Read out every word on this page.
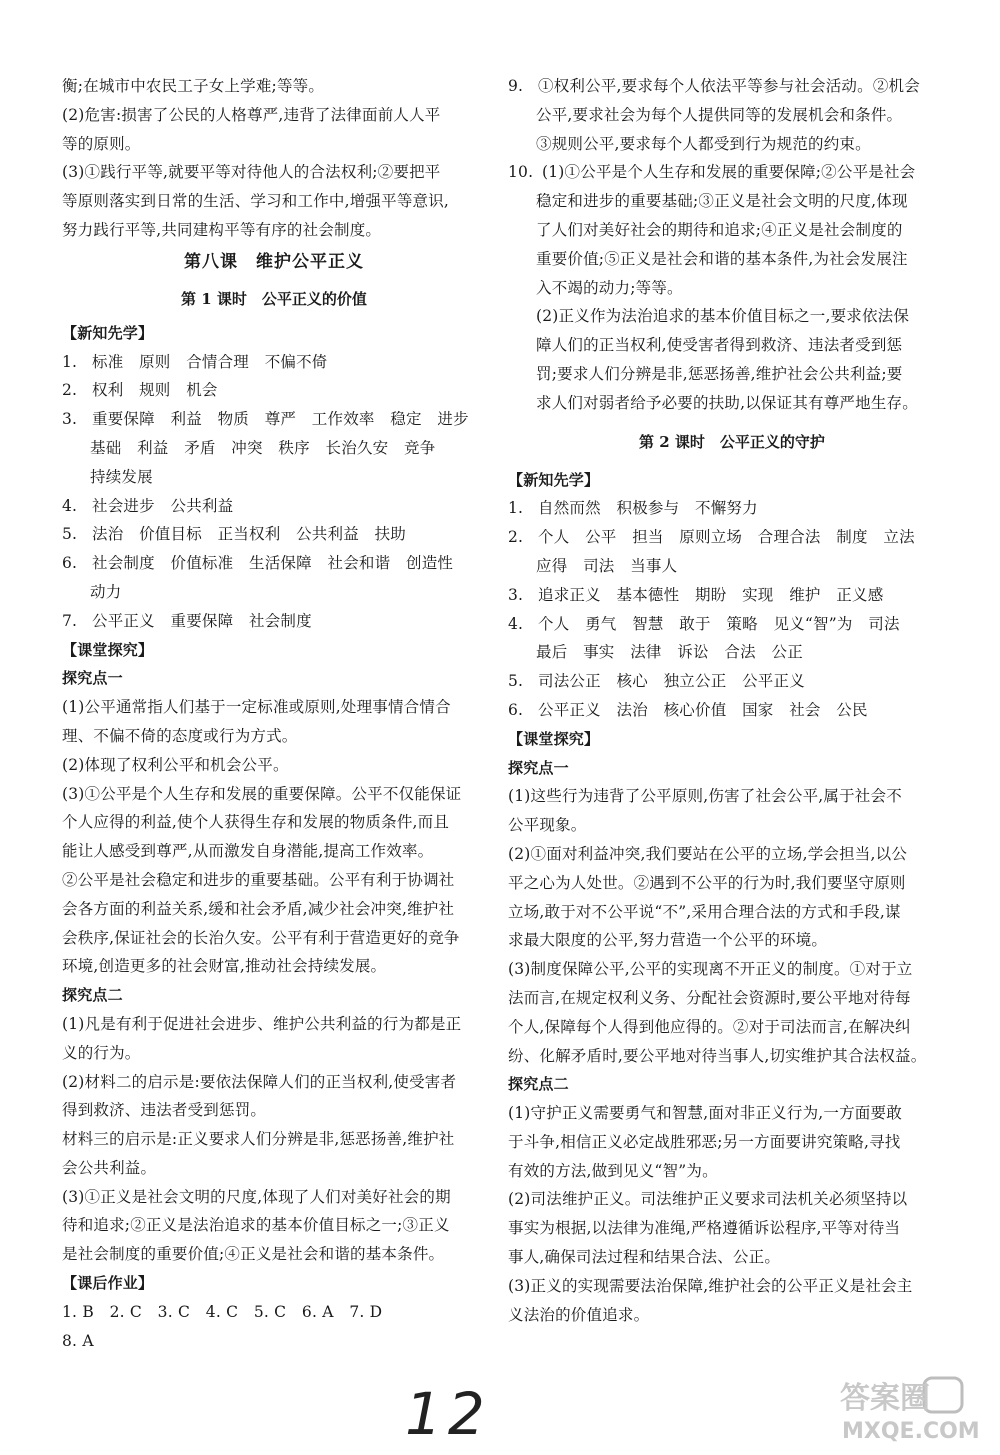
衡;在城市中农民工子女上学难;等等。
(2)危害:损害了公民的人格尊严,违背了法律面前人人平
等的原则。
(3)①践行平等,就要平等对待他人的合法权利;②要把平
等原则落实到日常的生活、学习和工作中,增强平等意识,
努力践行平等,共同建构平等有序的社会制度。
第八课　维护公平正义
第 1 课时　公平正义的价值
【新知先学】
1. 标准　原则　合情合理　不偏不倚
2. 权利　规则　机会
3. 重要保障　利益　物质　尊严　工作效率　稳定　进步
基础　利益　矛盾　冲突　秩序　长治久安　竞争
持续发展
4. 社会进步　公共利益
5. 法治　价值目标　正当权利　公共利益　扶助
6. 社会制度　价值标准　生活保障　社会和谐　创造性
动力
7. 公平正义　重要保障　社会制度
【课堂探究】
探究点一
(1)公平通常指人们基于一定标准或原则,处理事情合情合
理、不偏不倚的态度或行为方式。
(2)体现了权利公平和机会公平。
(3)①公平是个人生存和发展的重要保障。公平不仅能保证
个人应得的利益,使个人获得生存和发展的物质条件,而且
能让人感受到尊严,从而激发自身潜能,提高工作效率。
②公平是社会稳定和进步的重要基础。公平有利于协调社
会各方面的利益关系,缓和社会矛盾,减少社会冲突,维护社
会秩序,保证社会的长治久安。公平有利于营造更好的竞争
环境,创造更多的社会财富,推动社会持续发展。
探究点二
(1)凡是有利于促进社会进步、维护公共利益的行为都是正
义的行为。
(2)材料二的启示是:要依法保障人们的正当权利,使受害者
得到救济、违法者受到惩罚。
材料三的启示是:正义要求人们分辨是非,惩恶扬善,维护社
会公共利益。
(3)①正义是社会文明的尺度,体现了人们对美好社会的期
待和追求;②正义是法治追求的基本价值目标之一;③正义
是社会制度的重要价值;④正义是社会和谐的基本条件。
【课后作业】
1. B　2. C　3. C　4. C　5. C　6. A　7. D
8. A
9. ①权利公平,要求每个人依法平等参与社会活动。②机会
公平,要求社会为每个人提供同等的发展机会和条件。
③规则公平,要求每个人都受到行为规范的约束。
10. (1)①公平是个人生存和发展的重要保障;②公平是社会
稳定和进步的重要基础;③正义是社会文明的尺度,体现
了人们对美好社会的期待和追求;④正义是社会制度的
重要价值;⑤正义是社会和谐的基本条件,为社会发展注
入不竭的动力;等等。
(2)正义作为法治追求的基本价值目标之一,要求依法保
障人们的正当权利,使受害者得到救济、违法者受到惩
罚;要求人们分辨是非,惩恶扬善,维护社会公共利益;要
求人们对弱者给予必要的扶助,以保证其有尊严地生存。
第 2 课时　公平正义的守护
【新知先学】
1. 自然而然　积极参与　不懈努力
2. 个人　公平　担当　原则立场　合理合法　制度　立法
应得　司法　当事人
3. 追求正义　基本德性　期盼　实现　维护　正义感
4. 个人　勇气　智慧　敢于　策略　见义“智”为　司法
最后　事实　法律　诉讼　合法　公正
5. 司法公正　核心　独立公正　公平正义
6. 公平正义　法治　核心价值　国家　社会　公民
【课堂探究】
探究点一
(1)这些行为违背了公平原则,伤害了社会公平,属于社会不
公平现象。
(2)①面对利益冲突,我们要站在公平的立场,学会担当,以公
平之心为人处世。②遇到不公平的行为时,我们要坚守原则
立场,敢于对不公平说“不”,采用合理合法的方式和手段,谋
求最大限度的公平,努力营造一个公平的环境。
(3)制度保障公平,公平的实现离不开正义的制度。①对于立
法而言,在规定权利义务、分配社会资源时,要公平地对待每
个人,保障每个人得到他应得的。②对于司法而言,在解决纠
纷、化解矛盾时,要公平地对待当事人,切实维护其合法权益。
探究点二
(1)守护正义需要勇气和智慧,面对非正义行为,一方面要敢
于斗争,相信正义必定战胜邪恶;另一方面要讲究策略,寻找
有效的方法,做到见义“智”为。
(2)司法维护正义。司法维护正义要求司法机关必须坚持以
事实为根据,以法律为准绳,严格遵循诉讼程序,平等对待当
事人,确保司法过程和结果合法、公正。
(3)正义的实现需要法治保障,维护社会的公平正义是社会主
义法治的价值追求。
12	答案圈
MXQE.COM
